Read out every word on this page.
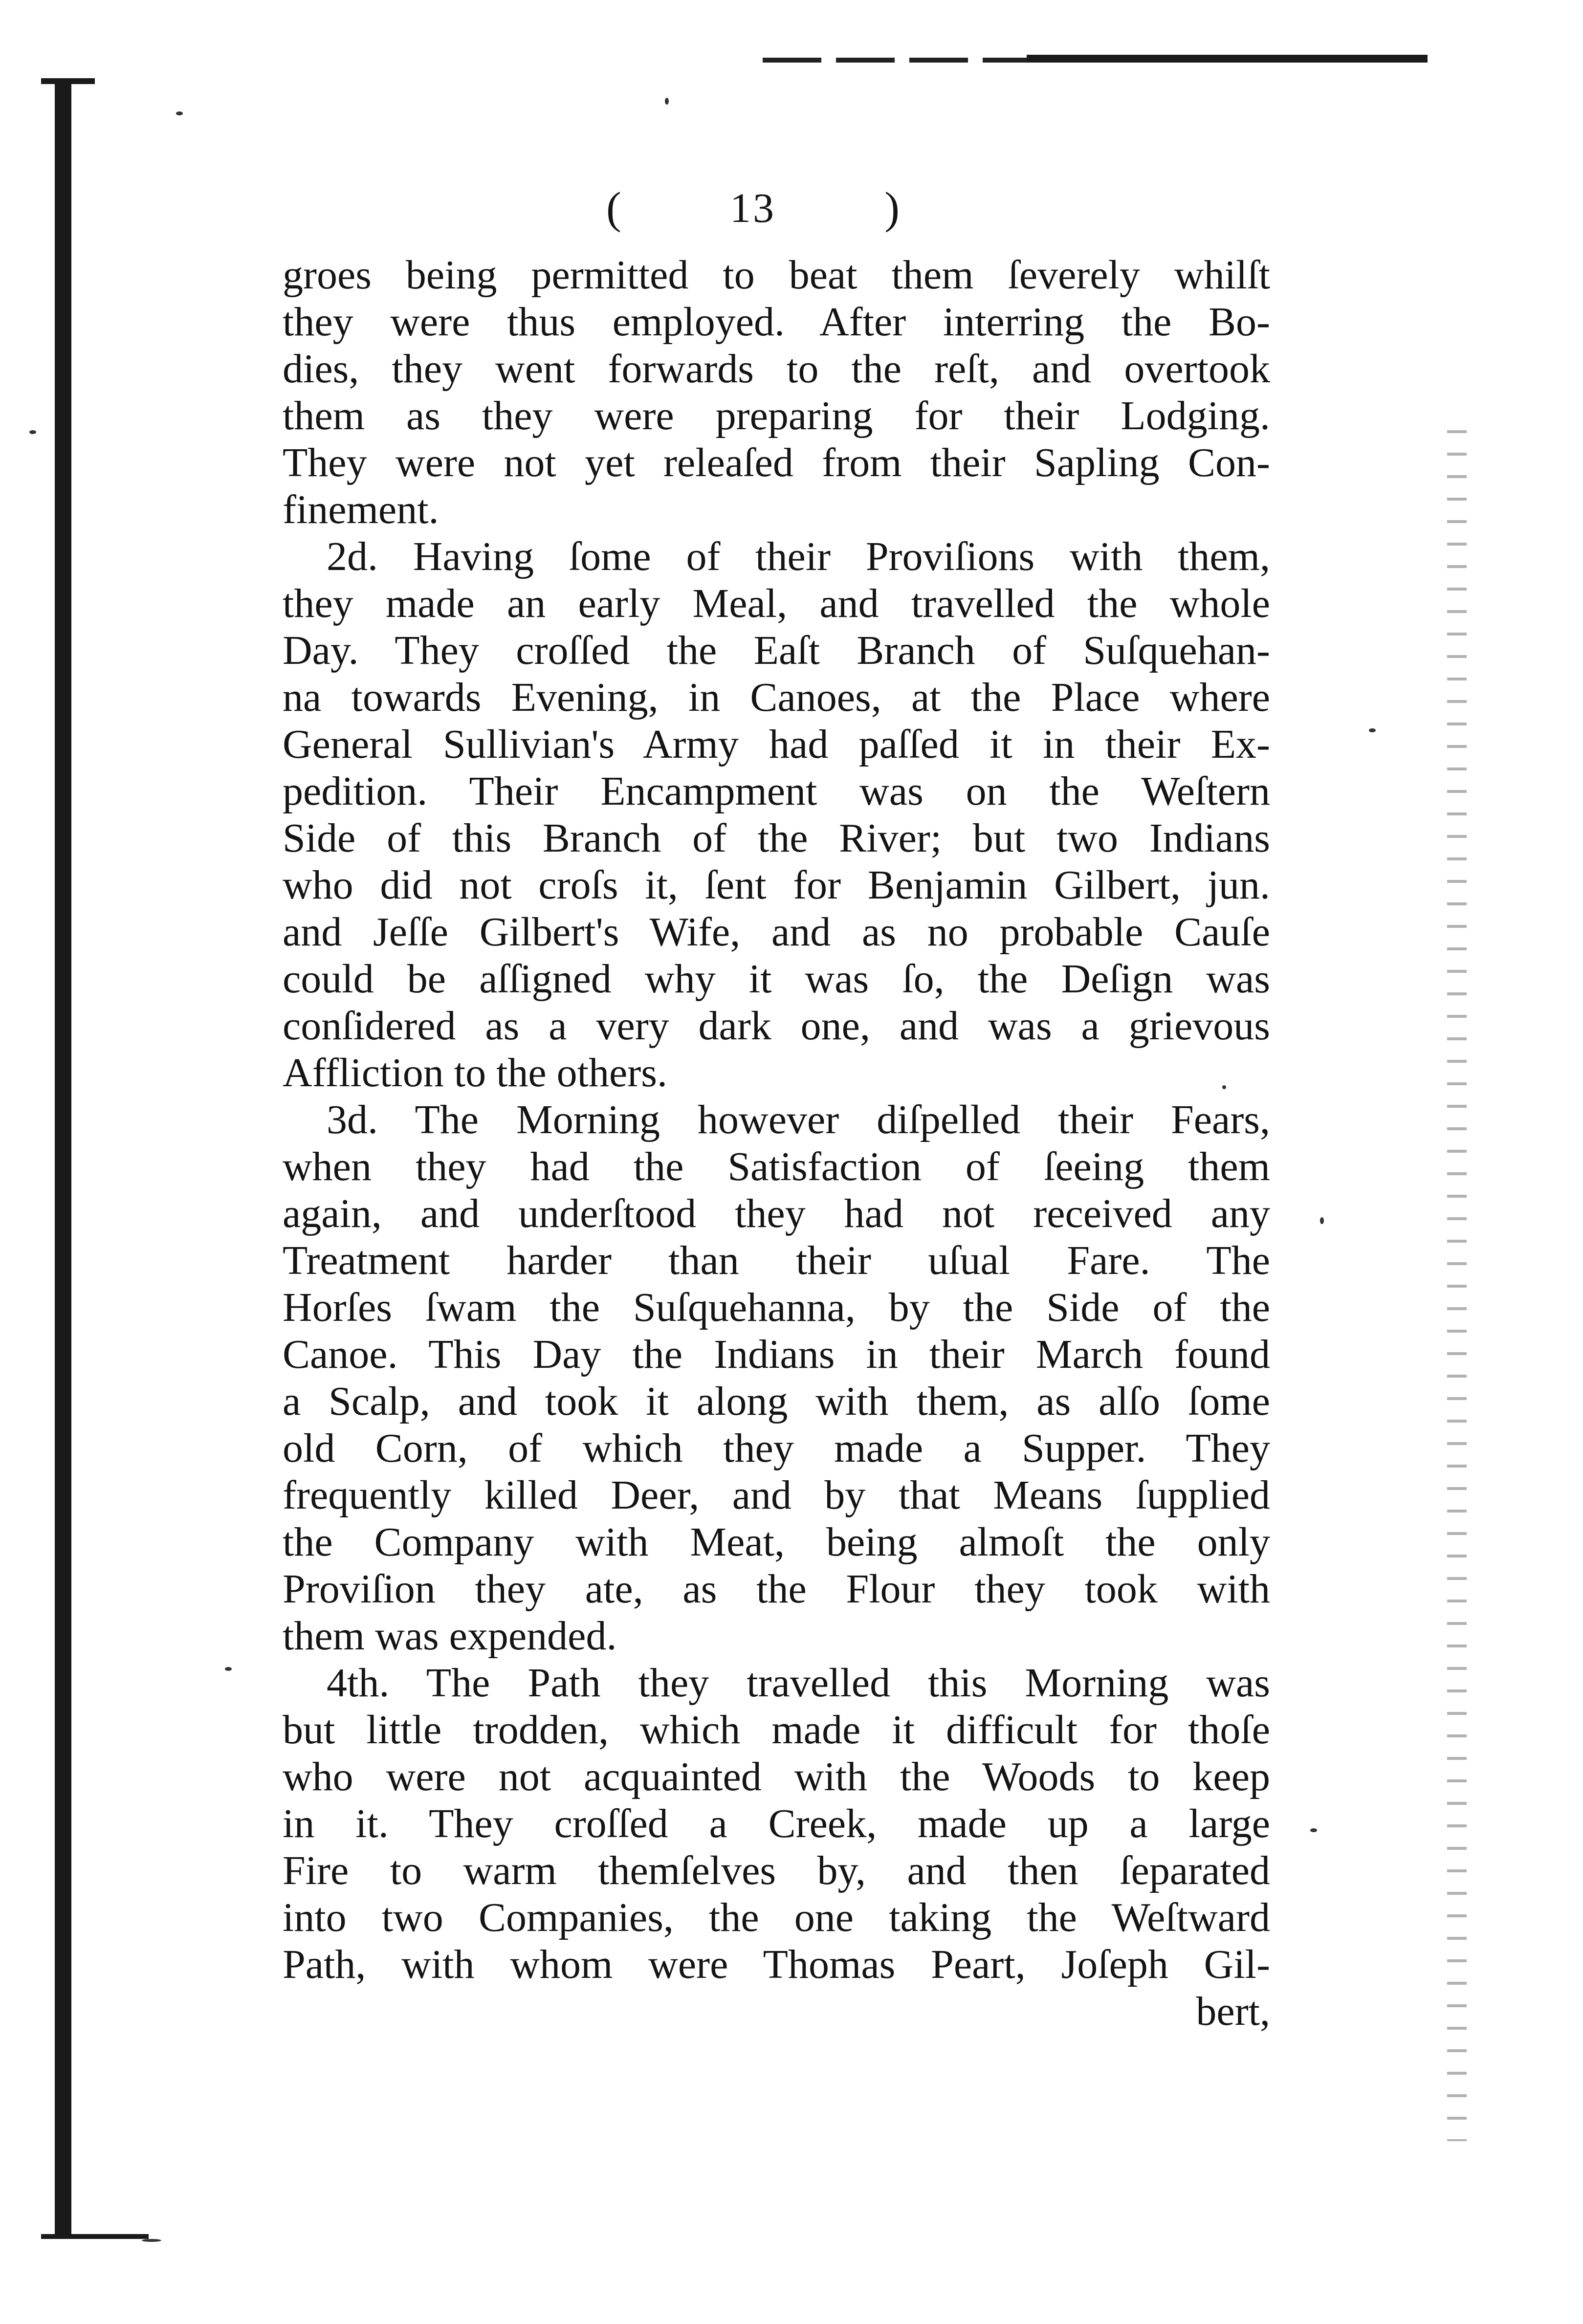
(	13 )
groes being permitted to beat them ſeverely whilſt
they were thus employed. After interring the Bo-
dies, they went forwards to the reſt, and overtook
them as they were preparing for their Lodging.
They were not yet releaſed from their Sapling Con-
finement.
2d. Having ſome of their Proviſions with them,
they made an early Meal, and travelled the whole
Day. They croſſed the Eaſt Branch of Suſquehan-
na towards Evening, in Canoes, at the Place where
General Sullivian's Army had paſſed it in their Ex-
pedition. Their Encampment was on the Weſtern
Side of this Branch of the River; but two Indians
who did not croſs it, ſent for Benjamin Gilbert, jun.
and Jeſſe Gilbert's Wife, and as no probable Cauſe
could be aſſigned why it was ſo, the Deſign was
conſidered as a very dark one, and was a grievous
Affliction to the others.
3d. The Morning however diſpelled their Fears,
when they had the Satisfaction of ſeeing them
again, and underſtood they had not received any
Treatment harder than their uſual Fare. The
Horſes ſwam the Suſquehanna, by the Side of the
Canoe. This Day the Indians in their March found
a Scalp, and took it along with them, as alſo ſome
old Corn, of which they made a Supper. They
frequently killed Deer, and by that Means ſupplied
the Company with Meat, being almoſt the only
Proviſion they ate, as the Flour they took with
them was expended.
4th. The Path they travelled this Morning was
but little trodden, which made it difficult for thoſe
who were not acquainted with the Woods to keep
in it. They croſſed a Creek, made up a large
Fire to warm themſelves by, and then ſeparated
into two Companies, the one taking the Weſtward
Path, with whom were Thomas Peart, Joſeph Gil-
bert,
